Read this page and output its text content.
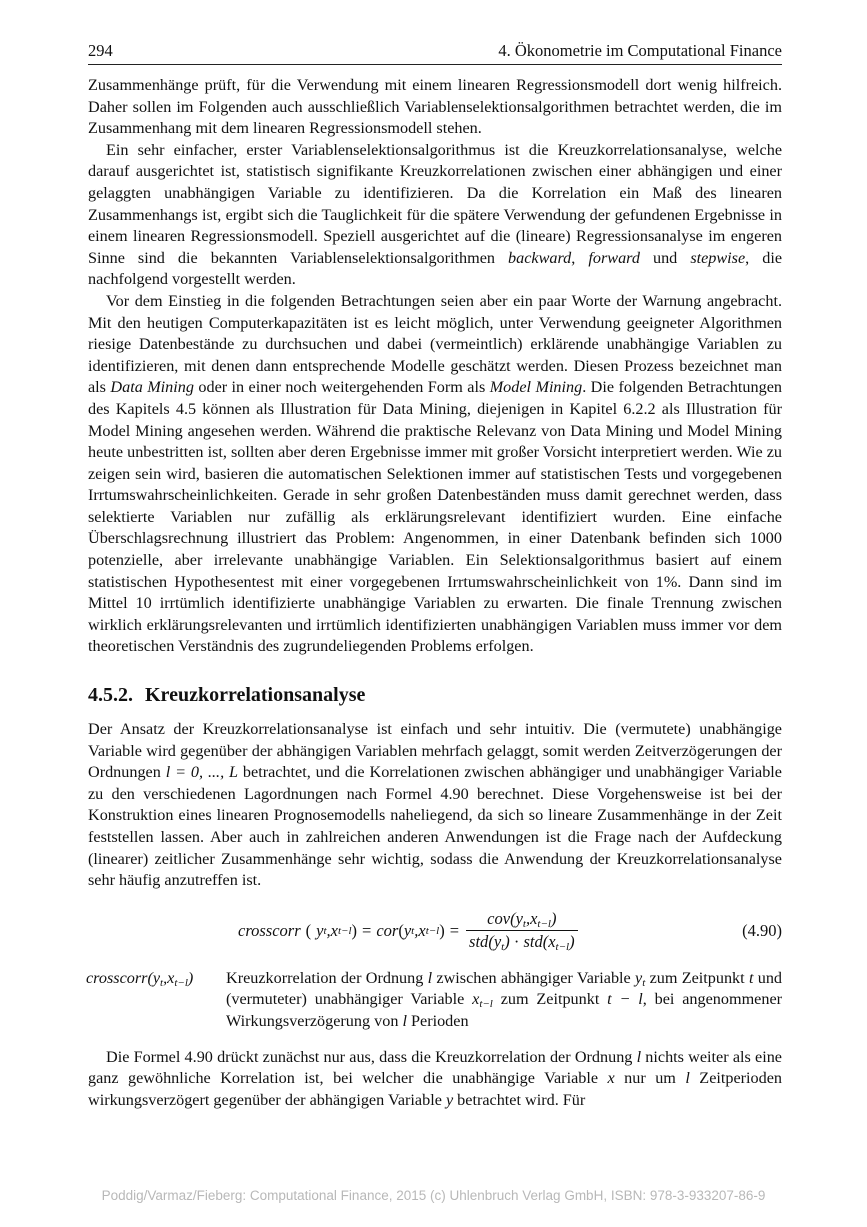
294	4. Ökonometrie im Computational Finance

Zusammenhänge prüft, für die Verwendung mit einem linearen Regressionsmodell dort wenig hilfreich. Daher sollen im Folgenden auch ausschließlich Variablenselektionsalgorithmen betrachtet werden, die im Zusammenhang mit dem linearen Regressionsmodell stehen.

Ein sehr einfacher, erster Variablenselektionsalgorithmus ist die Kreuzkorrelationsanalyse, welche darauf ausgerichtet ist, statistisch signifikante Kreuzkorrelationen zwischen einer abhängigen und einer gelaggten unabhängigen Variable zu identifizieren. Da die Korrelation ein Maß des linearen Zusammenhangs ist, ergibt sich die Tauglichkeit für die spätere Verwendung der gefundenen Ergebnisse in einem linearen Regressionsmodell. Speziell ausgerichtet auf die (lineare) Regressionsanalyse im engeren Sinne sind die bekannten Variablenselektionsalgorithmen backward, forward und stepwise, die nachfolgend vorgestellt werden.

Vor dem Einstieg in die folgenden Betrachtungen seien aber ein paar Worte der Warnung angebracht. Mit den heutigen Computerkapazitäten ist es leicht möglich, unter Verwendung geeigneter Algorithmen riesige Datenbestände zu durchsuchen und dabei (vermeintlich) erklärende unabhängige Variablen zu identifizieren, mit denen dann entsprechende Modelle geschätzt werden. Diesen Prozess bezeichnet man als Data Mining oder in einer noch weitergehenden Form als Model Mining. Die folgenden Betrachtungen des Kapitels 4.5 können als Illustration für Data Mining, diejenigen in Kapitel 6.2.2 als Illustration für Model Mining angesehen werden. Während die praktische Relevanz von Data Mining und Model Mining heute unbestritten ist, sollten aber deren Ergebnisse immer mit großer Vorsicht interpretiert werden. Wie zu zeigen sein wird, basieren die automatischen Selektionen immer auf statistischen Tests und vorgegebenen Irrtumswahrscheinlichkeiten. Gerade in sehr großen Datenbeständen muss damit gerechnet werden, dass selektierte Variablen nur zufällig als erklärungsrelevant identifiziert wurden. Eine einfache Überschlagsrechnung illustriert das Problem: Angenommen, in einer Datenbank befinden sich 1000 potenzielle, aber irrelevante unabhängige Variablen. Ein Selektionsalgorithmus basiert auf einem statistischen Hypothesentest mit einer vorgegebenen Irrtumswahrscheinlichkeit von 1%. Dann sind im Mittel 10 irrtümlich identifizierte unabhängige Variablen zu erwarten. Die finale Trennung zwischen wirklich erklärungsrelevanten und irrtümlich identifizierten unabhängigen Variablen muss immer vor dem theoretischen Verständnis des zugrundeliegenden Problems erfolgen.

4.5.2. Kreuzkorrelationsanalyse

Der Ansatz der Kreuzkorrelationsanalyse ist einfach und sehr intuitiv. Die (vermutete) unabhängige Variable wird gegenüber der abhängigen Variablen mehrfach gelaggt, somit werden Zeitverzögerungen der Ordnungen l = 0, ..., L betrachtet, und die Korrelationen zwischen abhängiger und unabhängiger Variable zu den verschiedenen Lagordnungen nach Formel 4.90 berechnet. Diese Vorgehensweise ist bei der Konstruktion eines linearen Prognosemodells naheliegend, da sich so lineare Zusammenhänge in der Zeit feststellen lassen. Aber auch in zahlreichen anderen Anwendungen ist die Frage nach der Aufdeckung (linearer) zeitlicher Zusammenhänge sehr wichtig, sodass die Anwendung der Kreuzkorrelationsanalyse sehr häufig anzutreffen ist.

crosscorr ( y t , x t−l ) = cor ( y t , x t−l ) = $\frac{cov(y_t,x_{t-l})}{std(y_t) \cdot std(x_{t-l})}$	(4.90)
$crosscorr(y_t,x_{t-l})$	Kreuzkorrelation der Ordnung l zwischen abhängiger Variable $y_t$ zum Zeitpunkt t und (vermuteter) unabhängiger Variable $x_{t-l}$ zum Zeitpunkt t − l, bei angenommener Wirkungsverzögerung von l Perioden

Die Formel 4.90 drückt zunächst nur aus, dass die Kreuzkorrelation der Ordnung l nichts weiter als eine ganz gewöhnliche Korrelation ist, bei welcher die unabhängige Variable x nur um l Zeitperioden wirkungsverzögert gegenüber der abhängigen Variable y betrachtet wird. Für

Poddig/Varmaz/Fieberg: Computational Finance, 2015 (c) Uhlenbruch Verlag GmbH, ISBN: 978-3-933207-86-9
